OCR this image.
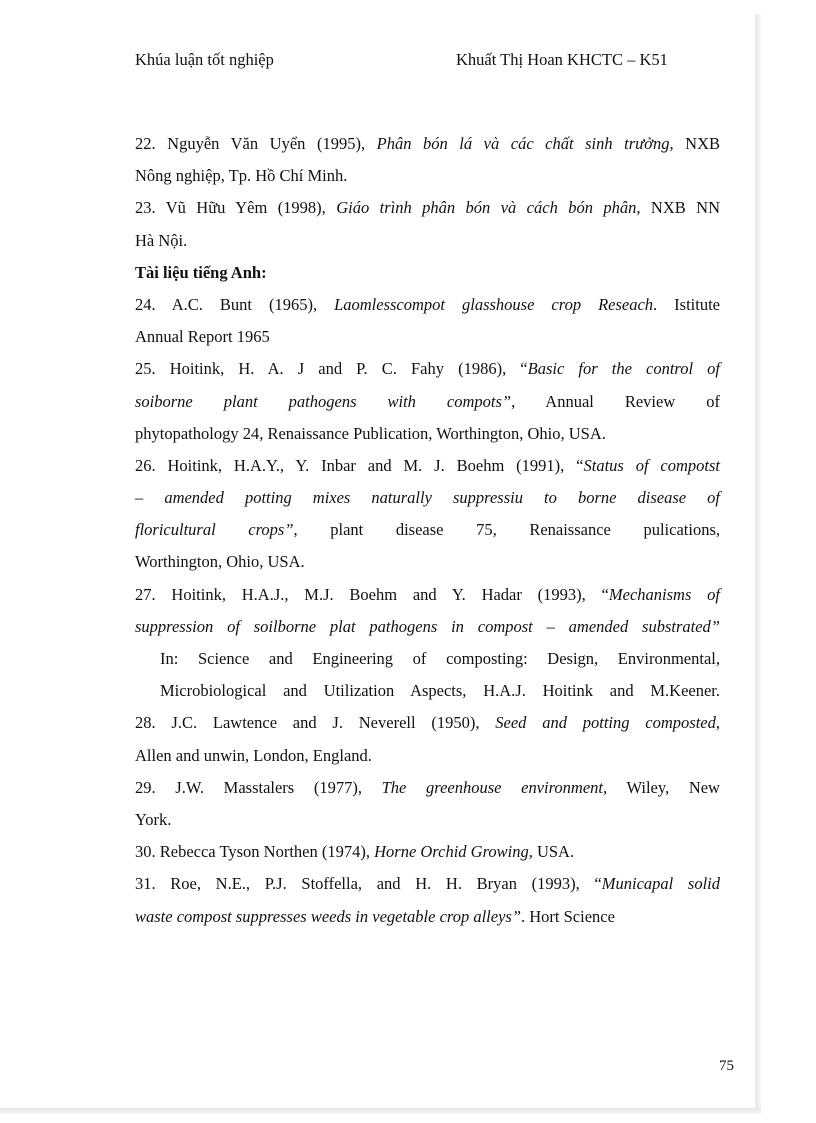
Khúa luận tốt nghiệp	Khuất Thị Hoan KHCTC – K51
22. Nguyễn Văn Uyển (1995), Phân bón lá và các chất sinh trưởng, NXB
Nông nghiệp, Tp. Hồ Chí Minh.
23. Vũ Hữu Yêm (1998), Giáo trình phân bón và cách bón phân, NXB NN
Hà Nội.
Tài liệu tiếng Anh:
24. A.C. Bunt (1965), Laomlesscompot glasshouse crop Reseach. Istitute
Annual Report 1965
25. Hoitink, H. A. J and P. C. Fahy (1986), “Basic for the control of
soiborne plant pathogens with compots”, Annual Review of
phytopathology 24, Renaissance Publication, Worthington, Ohio, USA.
26. Hoitink, H.A.Y., Y. Inbar and M. J. Boehm (1991), “Status of compotst
– amended potting mixes naturally suppressiu to borne disease of
floricultural crops”, plant disease 75, Renaissance pulications,
Worthington, Ohio, USA.
27. Hoitink, H.A.J., M.J. Boehm and Y. Hadar (1993), “Mechanisms of
suppression of soilborne plat pathogens in compost – amended substrated”
In: Science and Engineering of composting: Design, Environmental,
Microbiological and Utilization Aspects, H.A.J. Hoitink and M.Keener.
28. J.C. Lawtence and J. Neverell (1950), Seed and potting composted,
Allen and unwin, London, England.
29. J.W. Masstalers (1977), The greenhouse environment, Wiley, New
York.
30. Rebecca Tyson Northen (1974), Horne Orchid Growing, USA.
31. Roe, N.E., P.J. Stoffella, and H. H. Bryan (1993), “Municapal solid
waste compost suppresses weeds in vegetable crop alleys”. Hort Science
75
